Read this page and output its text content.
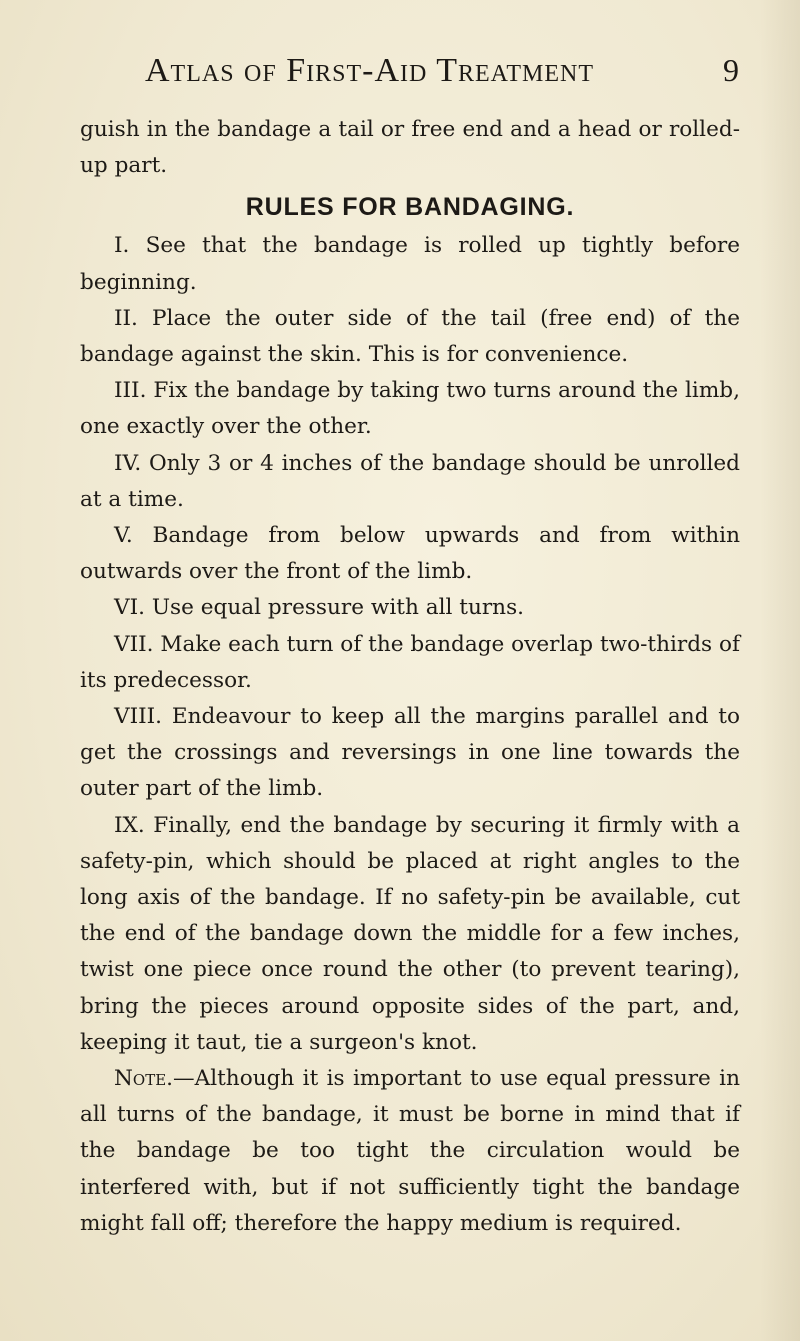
Atlas of First-Aid Treatment	9

guish in the bandage a tail or free end and a head or rolled-up part.

RULES FOR BANDAGING.

I. See that the bandage is rolled up tightly before beginning.

II. Place the outer side of the tail (free end) of the bandage against the skin. This is for convenience.

III. Fix the bandage by taking two turns around the limb, one exactly over the other.

IV. Only 3 or 4 inches of the bandage should be unrolled at a time.

V. Bandage from below upwards and from within outwards over the front of the limb.

VI. Use equal pressure with all turns.

VII. Make each turn of the bandage overlap two-thirds of its predecessor.

VIII. Endeavour to keep all the margins parallel and to get the crossings and reversings in one line towards the outer part of the limb.

IX. Finally, end the bandage by securing it firmly with a safety-pin, which should be placed at right angles to the long axis of the bandage. If no safety-pin be available, cut the end of the bandage down the middle for a few inches, twist one piece once round the other (to prevent tearing), bring the pieces around opposite sides of the part, and, keeping it taut, tie a surgeon's knot.

Note.—Although it is important to use equal pressure in all turns of the bandage, it must be borne in mind that if the bandage be too tight the circulation would be interfered with, but if not sufficiently tight the bandage might fall off; therefore the happy medium is required.
